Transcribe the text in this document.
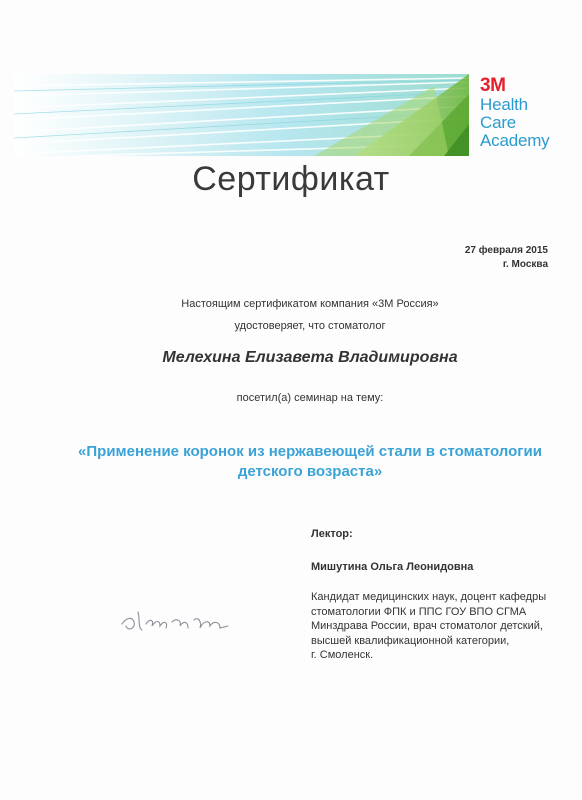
3M
Health
Care
Academy
Сертификат
27 февраля 2015
г. Москва
Настоящим сертификатом компания «3М Россия»
удостоверяет, что стоматолог
Мелехина Елизавета Владимировна
посетил(а) семинар на тему:
«Применение коронок из нержавеющей стали в стоматологии
детского возраста»
Лектор:
Мишутина Ольга Леонидовна
Кандидат медицинских наук, доцент кафедры
стоматологии ФПК и ППС ГОУ ВПО СГМА
Минздрава России, врач стоматолог детский,
высшей квалификационной категории,
г. Смоленск.
